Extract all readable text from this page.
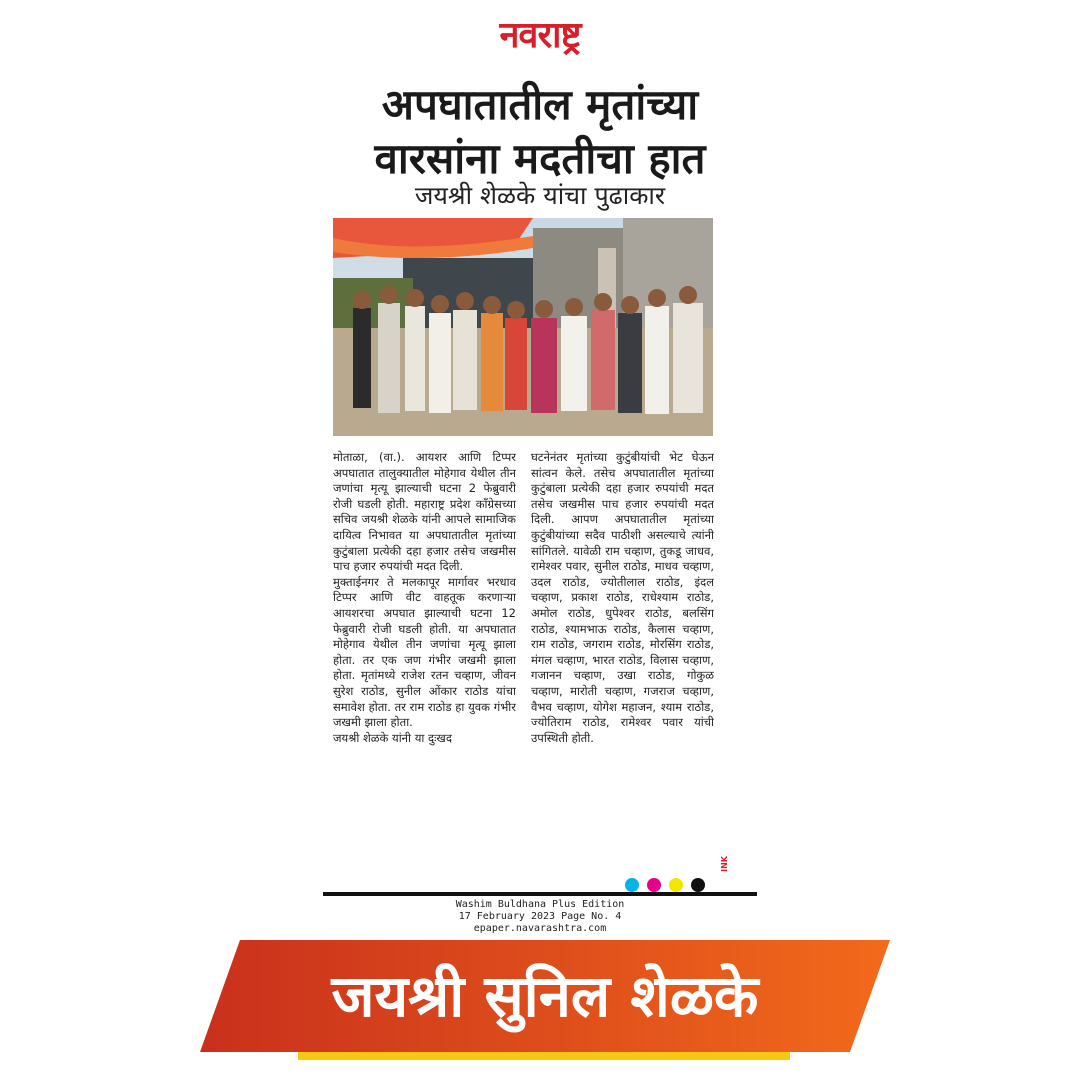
नवराष्ट्र
अपघातातील मृतांच्या
वारसांना मदतीचा हात
जयश्री शेळके यांचा पुढाकार

मोताळा, (वा.). आयशर आणि टिप्पर अपघातात तालुक्यातील मोहेगाव येथील तीन जणांचा मृत्यू झाल्याची घटना 2 फेब्रुवारी रोजी घडली होती. महाराष्ट्र प्रदेश काँग्रेसच्या सचिव जयश्री शेळके यांनी आपले सामाजिक दायित्व निभावत या अपघातातील मृतांच्या कुटुंबाला प्रत्येकी दहा हजार तसेच जखमीस पाच हजार रुपयांची मदत दिली.

मुक्ताईनगर ते मलकापूर मार्गावर भरधाव टिप्पर आणि वीट वाहतूक करणाऱ्या आयशरचा अपघात झाल्याची घटना 12 फेब्रुवारी रोजी घडली होती. या अपघातात मोहेगाव येथील तीन जणांचा मृत्यू झाला होता. तर एक जण गंभीर जखमी झाला होता. मृतांमध्ये राजेश रतन चव्हाण, जीवन सुरेश राठोड, सुनील ओंकार राठोड यांचा समावेश होता. तर राम राठोड हा युवक गंभीर जखमी झाला होता.

जयश्री शेळके यांनी या दुःखद

घटनेनंतर मृतांच्या कुटुंबीयांची भेट घेऊन सांत्वन केले. तसेच अपघातातील मृतांच्या कुटुंबाला प्रत्येकी दहा हजार रुपयांची मदत तसेच जखमीस पाच हजार रुपयांची मदत दिली. आपण अपघातातील मृतांच्या कुटुंबीयांच्या सदैव पाठीशी असल्याचे त्यांनी सांगितले. यावेळी राम चव्हाण, तुकडू जाधव, रामेश्वर पवार, सुनील राठोड, माधव चव्हाण, उदल राठोड, ज्योतीलाल राठोड, इंदल चव्हाण, प्रकाश राठोड, राधेश्याम राठोड, अमोल राठोड, धुपेश्वर राठोड, बलसिंग राठोड, श्यामभाऊ राठोड, कैलास चव्हाण, राम राठोड, जगराम राठोड, मोरसिंग राठोड, मंगल चव्हाण, भारत राठोड, विलास चव्हाण, गजानन चव्हाण, उखा राठोड, गोकुळ चव्हाण, मारोती चव्हाण, गजराज चव्हाण, वैभव चव्हाण, योगेश महाजन, श्याम राठोड, ज्योतिराम राठोड, रामेश्वर पवार यांची उपस्थिती होती.

INK
Washim Buldhana Plus Edition
17 February 2023 Page No. 4
epaper.navarashtra.com
जयश्री सुनिल शेळके
